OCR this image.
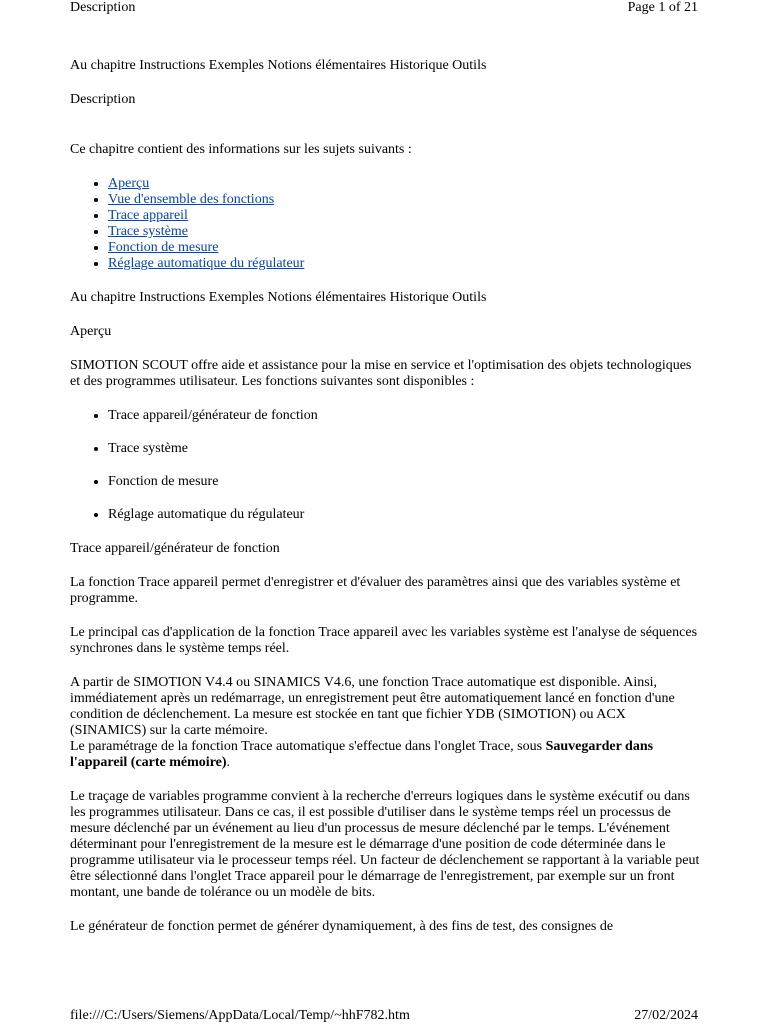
Description	Page 1 of 21

Au chapitre Instructions Exemples Notions élémentaires Historique Outils

Description

Ce chapitre contient des informations sur les sujets suivants :

• Aperçu
• Vue d'ensemble des fonctions
• Trace appareil
• Trace système
• Fonction de mesure
• Réglage automatique du régulateur

Au chapitre Instructions Exemples Notions élémentaires Historique Outils

Aperçu

SIMOTION SCOUT offre aide et assistance pour la mise en service et l'optimisation des objets technologiques et des programmes utilisateur. Les fonctions suivantes sont disponibles :

• Trace appareil/générateur de fonction
• Trace système
• Fonction de mesure
• Réglage automatique du régulateur

Trace appareil/générateur de fonction

La fonction Trace appareil permet d'enregistrer et d'évaluer des paramètres ainsi que des variables système et programme.

Le principal cas d'application de la fonction Trace appareil avec les variables système est l'analyse de séquences synchrones dans le système temps réel.

A partir de SIMOTION V4.4 ou SINAMICS V4.6, une fonction Trace automatique est disponible. Ainsi, immédiatement après un redémarrage, un enregistrement peut être automatiquement lancé en fonction d'une condition de déclenchement. La mesure est stockée en tant que fichier YDB (SIMOTION) ou ACX (SINAMICS) sur la carte mémoire.

Le paramétrage de la fonction Trace automatique s'effectue dans l'onglet Trace, sous Sauvegarder dans l'appareil (carte mémoire).

Le traçage de variables programme convient à la recherche d'erreurs logiques dans le système exécutif ou dans les programmes utilisateur. Dans ce cas, il est possible d'utiliser dans le système temps réel un processus de mesure déclenché par un événement au lieu d'un processus de mesure déclenché par le temps. L'événement déterminant pour l'enregistrement de la mesure est le démarrage d'une position de code déterminée dans le programme utilisateur via le processeur temps réel. Un facteur de déclenchement se rapportant à la variable peut être sélectionné dans l'onglet Trace appareil pour le démarrage de l'enregistrement, par exemple sur un front montant, une bande de tolérance ou un modèle de bits.

Le générateur de fonction permet de générer dynamiquement, à des fins de test, des consignes de

file:///C:/Users/Siemens/AppData/Local/Temp/~hhF782.htm	27/02/2024
